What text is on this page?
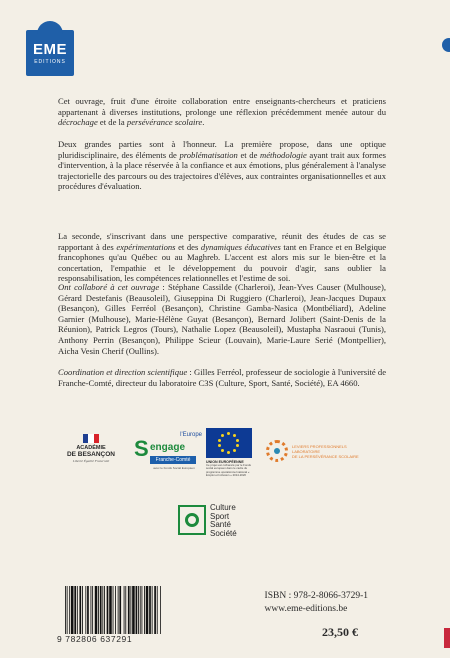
EME
EDITIONS

Cet ouvrage, fruit d'une étroite collaboration entre enseignants-chercheurs et praticiens appartenant à diverses institutions, prolonge une réflexion précédemment menée autour du décrochage et de la persévérance scolaire.

Deux grandes parties sont à l'honneur. La première propose, dans une optique pluridisciplinaire, des éléments de problématisation et de méthodologie ayant trait aux formes d'intervention, à la place réservée à la confiance et aux émotions, plus généralement à l'analyse trajectorielle des parcours ou des trajectoires d'élèves, aux contraintes organisationnelles et aux procédures d'évaluation.

La seconde, s'inscrivant dans une perspective comparative, réunit des études de cas se rapportant à des expérimentations et des dynamiques éducatives tant en France et en Belgique francophones qu'au Québec ou au Maghreb. L'accent est alors mis sur le bien-être et la concertation, l'empathie et le développement du pouvoir d'agir, sans oublier la responsabilisation, les compétences relationnelles et l'estime de soi.

Ont collaboré à cet ouvrage : Stéphane Cassilde (Charleroi), Jean-Yves Causer (Mulhouse), Gérard Destefanis (Beausoleil), Giuseppina Di Ruggiero (Charleroi), Jean-Jacques Dupaux (Besançon), Gilles Ferréol (Besançon), Christine Gamba-Nasica (Montbéliard), Adeline Garnier (Mulhouse), Marie-Hélène Guyat (Besançon), Bernard Jolibert (Saint-Denis de la Réunion), Patrick Legros (Tours), Nathalie Lopez (Beausoleil), Mustapha Nasraoui (Tunis), Anthony Perrin (Besançon), Philippe Scieur (Louvain), Marie-Laure Serié (Montpellier), Aicha Vesin Cherif (Oullins).

Coordination et direction scientifique : Gilles Ferréol, professeur de sociologie à l'université de Franche-Comté, directeur du laboratoire C3S (Culture, Sport, Santé, Société), EA 4660.

ACADÉMIE
DE BESANÇON
Liberté Égalité Fraternité
l'Europe
S engage
Franche-Comté
avec le Fonds Social Européen
UNION EUROPÉENNE
Ce projet est cofinancé par le Fonds social européen dans le cadre du programme opérationnel national « Emploi et Inclusion » 2014-2020
LEVIERS PROFESSIONNELS
LABORATOIRE
DE LA PERSÉVÉRANCE SCOLAIRE
Culture
Sport
Santé
Société
9 782806 637291
ISBN : 978-2-8066-3729-1
www.eme-editions.be
23,50 €
